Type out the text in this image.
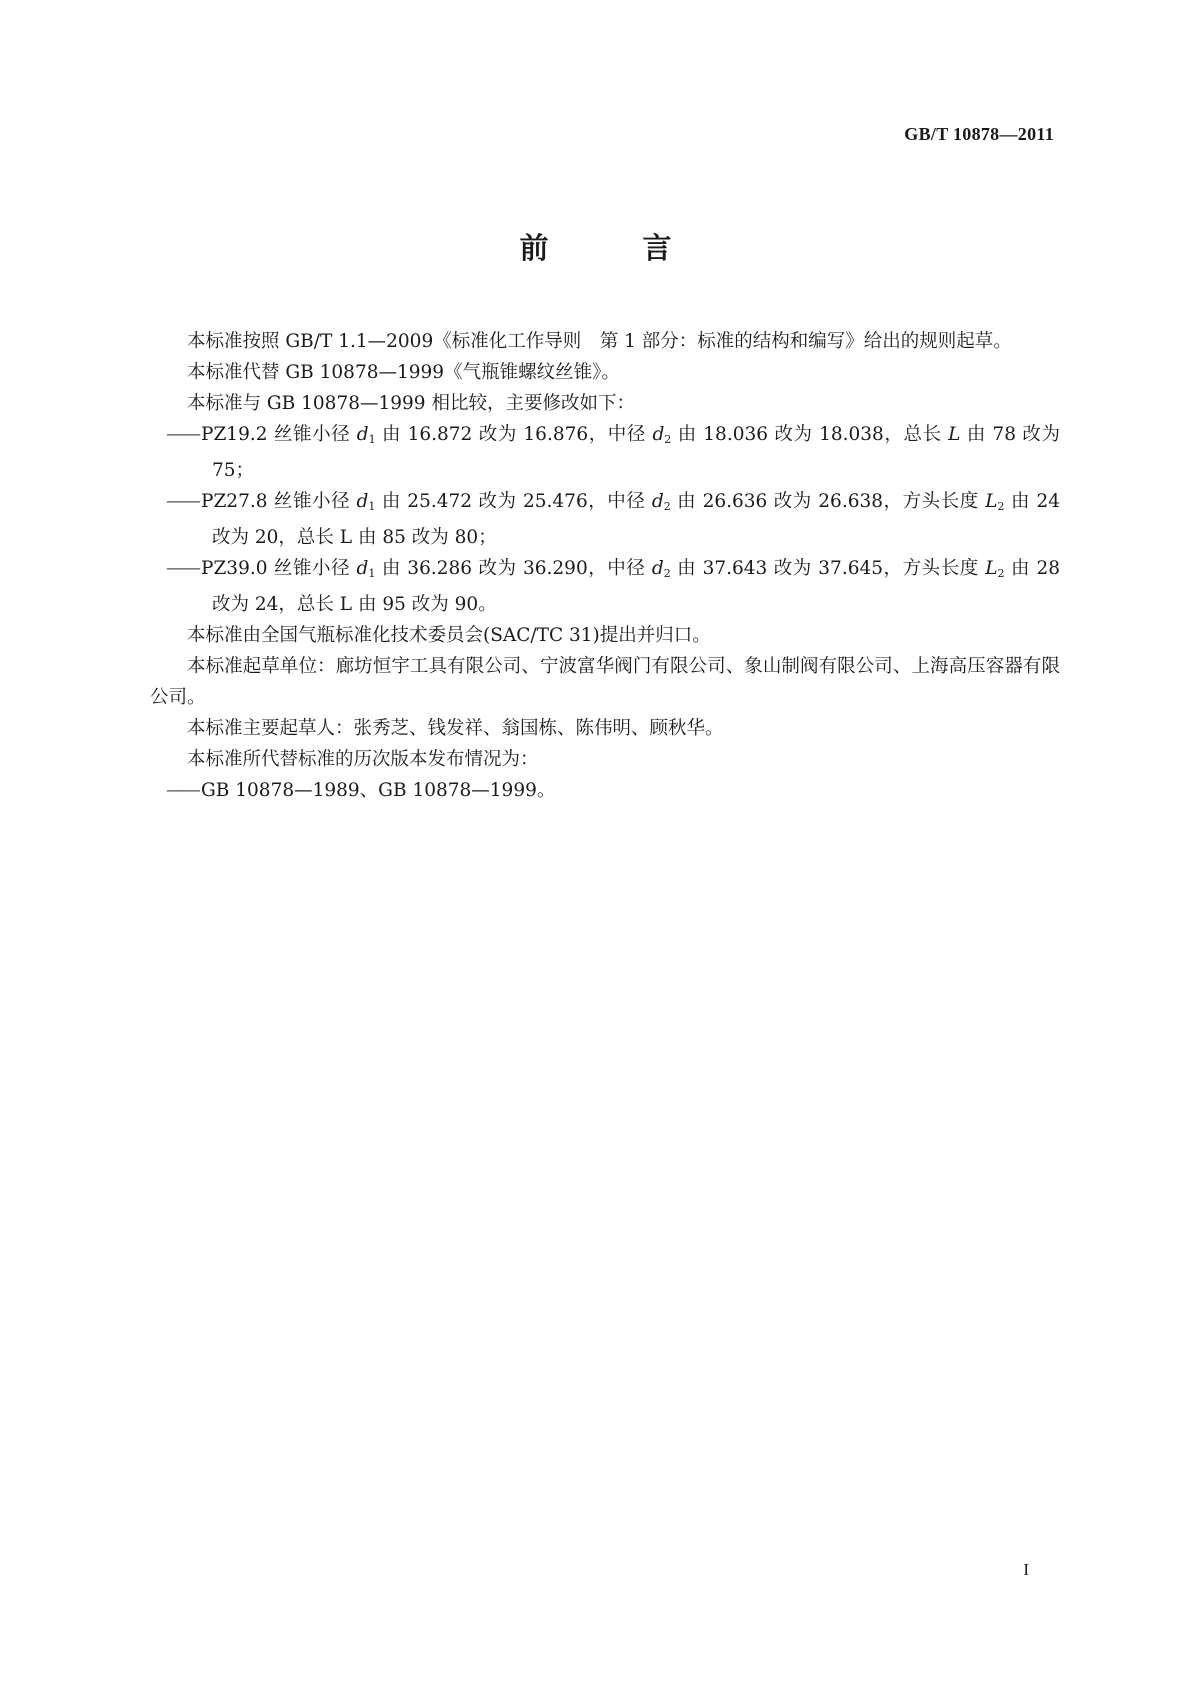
GB/T 10878—2011
前 言

本标准按照 GB/T 1.1—2009《标准化工作导则　第 1 部分：标准的结构和编写》给出的规则起草。

本标准代替 GB 10878—1999《气瓶锥螺纹丝锥》。

本标准与 GB 10878—1999 相比较，主要修改如下：

—— PZ19.2 丝锥小径 $d_1$ 由 16.872 改为 16.876，中径 $d_2$ 由 18.036 改为 18.038，总长 L 由 78 改为 75；

—— PZ27.8 丝锥小径 $d_1$ 由 25.472 改为 25.476，中径 $d_2$ 由 26.636 改为 26.638，方头长度 $L_2$ 由 24 改为 20，总长 L 由 85 改为 80；

—— PZ39.0 丝锥小径 $d_1$ 由 36.286 改为 36.290，中径 $d_2$ 由 37.643 改为 37.645，方头长度 $L_2$ 由 28 改为 24，总长 L 由 95 改为 90。

本标准由全国气瓶标准化技术委员会(SAC/TC 31)提出并归口。

本标准起草单位：廊坊恒宇工具有限公司、宁波富华阀门有限公司、象山制阀有限公司、上海高压容器有限公司。

本标准主要起草人：张秀芝、钱发祥、翁国栋、陈伟明、顾秋华。

本标准所代替标准的历次版本发布情况为：

—— GB 10878—1989、GB 10878—1999。

I
